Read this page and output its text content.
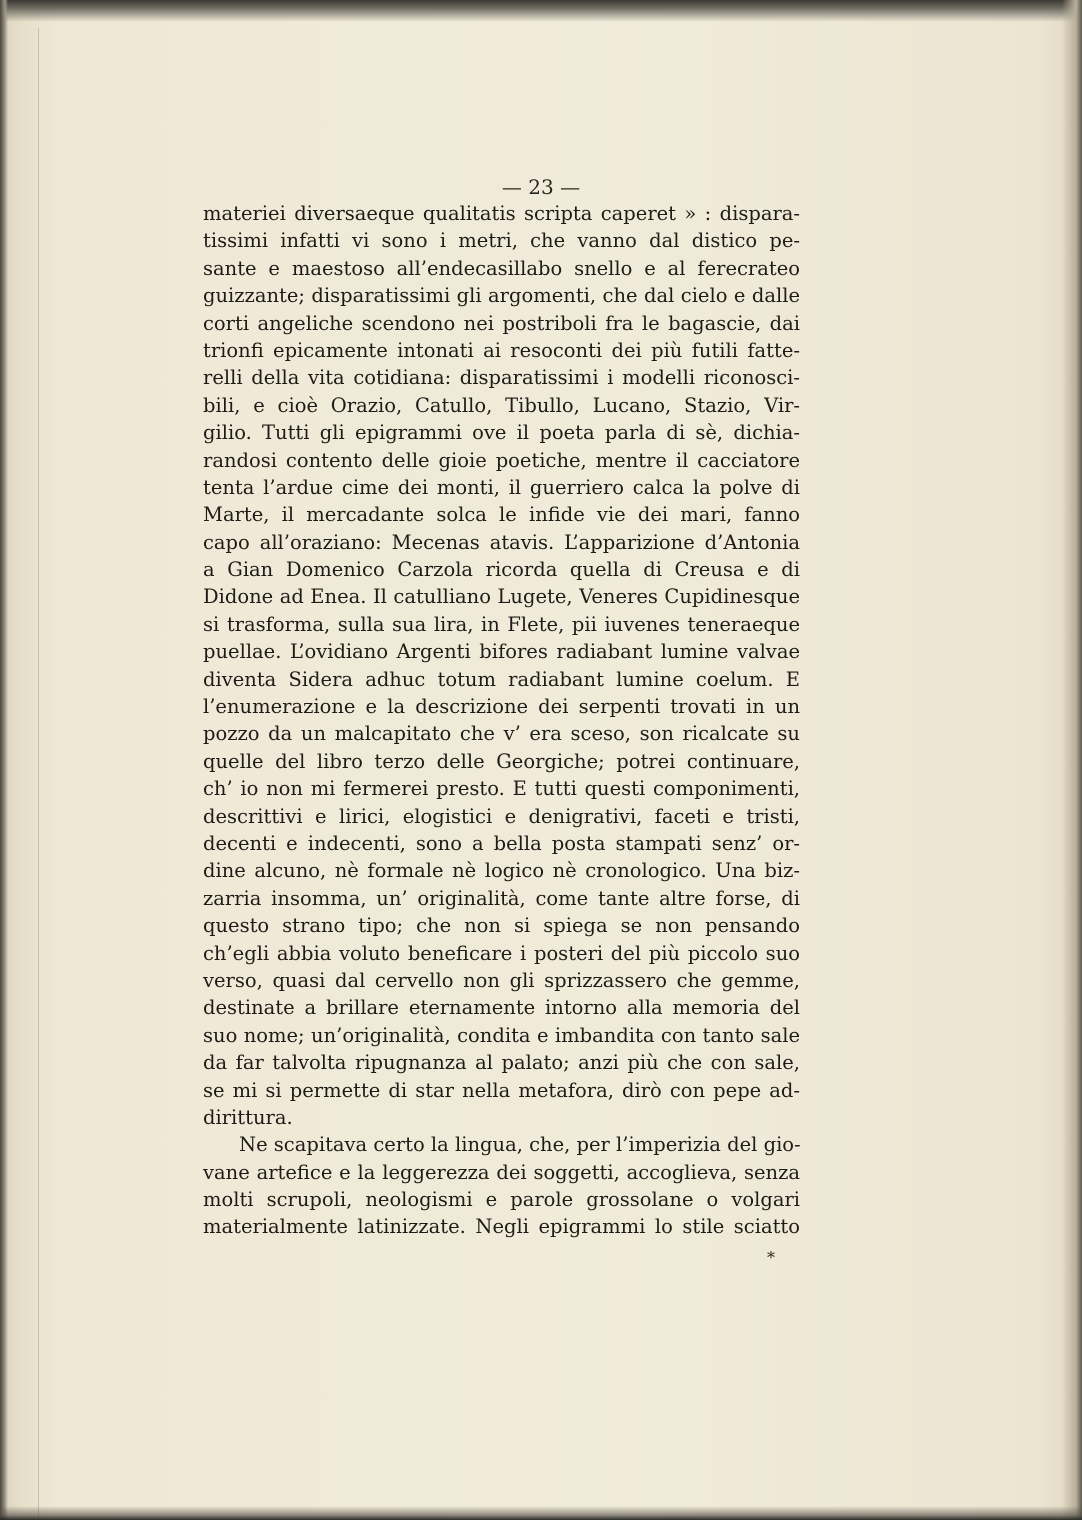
— 23 —
materiei diversaeque qualitatis scripta caperet » : dispara-
tissimi infatti vi sono i metri, che vanno dal distico pe-
sante e maestoso all’endecasillabo snello e al ferecrateo
guizzante; disparatissimi gli argomenti, che dal cielo e dalle
corti angeliche scendono nei postriboli fra le bagascie, dai
trionfi epicamente intonati ai resoconti dei più futili fatte-
relli della vita cotidiana: disparatissimi i modelli riconosci-
bili, e cioè Orazio, Catullo, Tibullo, Lucano, Stazio, Vir-
gilio. Tutti gli epigrammi ove il poeta parla di sè, dichia-
randosi contento delle gioie poetiche, mentre il cacciatore
tenta l’ardue cime dei monti, il guerriero calca la polve di
Marte, il mercadante solca le infide vie dei mari, fanno
capo all’oraziano: Mecenas atavis. L’apparizione d’Antonia
a Gian Domenico Carzola ricorda quella di Creusa e di
Didone ad Enea. Il catulliano Lugete, Veneres Cupidinesque
si trasforma, sulla sua lira, in Flete, pii iuvenes teneraeque
puellae. L’ovidiano Argenti bifores radiabant lumine valvae
diventa Sidera adhuc totum radiabant lumine coelum. E
l’enumerazione e la descrizione dei serpenti trovati in un
pozzo da un malcapitato che v’ era sceso, son ricalcate su
quelle del libro terzo delle Georgiche; potrei continuare,
ch’ io non mi fermerei presto. E tutti questi componimenti,
descrittivi e lirici, elogistici e denigrativi, faceti e tristi,
decenti e indecenti, sono a bella posta stampati senz’ or-
dine alcuno, nè formale nè logico nè cronologico. Una biz-
zarria insomma, un’ originalità, come tante altre forse, di
questo strano tipo; che non si spiega se non pensando
ch’egli abbia voluto beneficare i posteri del più piccolo suo
verso, quasi dal cervello non gli sprizzassero che gemme,
destinate a brillare eternamente intorno alla memoria del
suo nome; un’originalità, condita e imbandita con tanto sale
da far talvolta ripugnanza al palato; anzi più che con sale,
se mi si permette di star nella metafora, dirò con pepe ad-
dirittura.
Ne scapitava certo la lingua, che, per l’imperizia del gio-
vane artefice e la leggerezza dei soggetti, accoglieva, senza
molti scrupoli, neologismi e parole grossolane o volgari
materialmente latinizzate. Negli epigrammi lo stile sciatto
*
